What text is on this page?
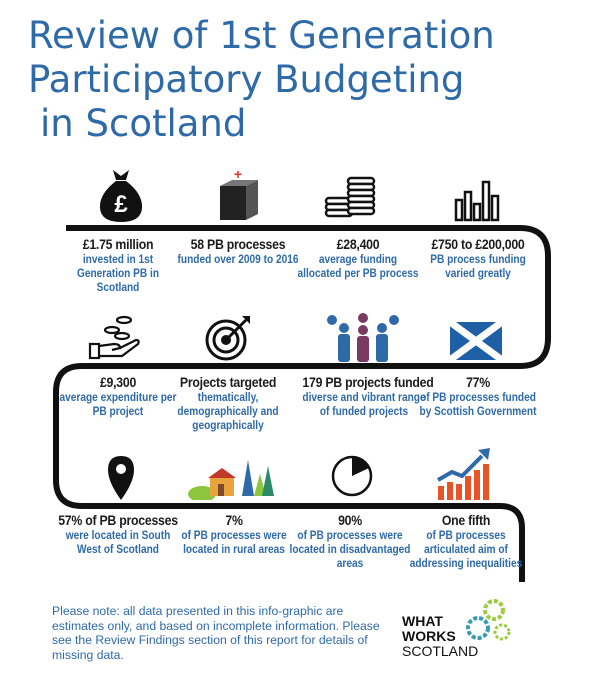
Review of 1st Generation
Participatory Budgeting
in Scotland
£
+
£1.75 million
invested in 1st Generation PB in Scotland
58 PB processes
funded over 2009 to 2016
£28,400
average funding allocated per PB process
£750 to £200,000
PB process funding varied greatly
£9,300
average expenditure per PB project
Projects targeted
thematically, demographically and geographically
179 PB projects funded
diverse and vibrant range of funded projects
77%
of PB processes funded by Scottish Government
57% of PB processes
were located in South West of Scotland
7%
of PB processes were located in rural areas
90%
of PB processes were located in disadvantaged areas
One fifth
of PB processes articulated aim of addressing inequalities
Please note: all data presented in this info-graphic are estimates only, and based on incomplete information. Please see the Review Findings section of this report for details of missing data.
WHAT
WORKS
SCOTLAND
